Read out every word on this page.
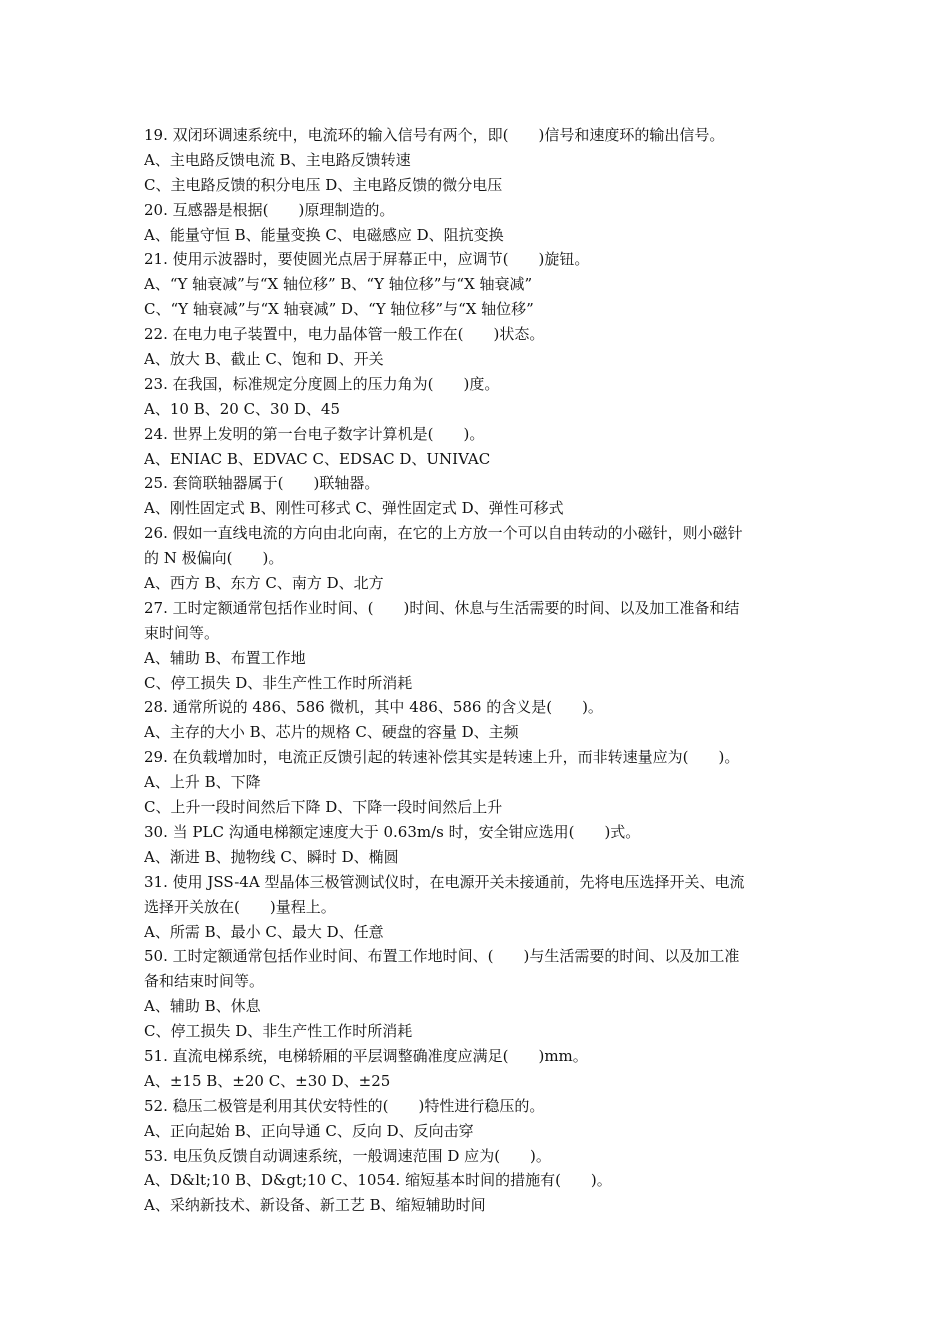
19. 双闭环调速系统中，电流环的输入信号有两个，即(　　)信号和速度环的输出信号。
A、主电路反馈电流 B、主电路反馈转速
C、主电路反馈的积分电压 D、主电路反馈的微分电压
20. 互感器是根据(　　)原理制造的。
A、能量守恒 B、能量变换 C、电磁感应 D、阻抗变换
21. 使用示波器时，要使圆光点居于屏幕正中，应调节(　　)旋钮。
A、“Y 轴衰减”与“X 轴位移” B、“Y 轴位移”与“X 轴衰减”
C、“Y 轴衰减”与“X 轴衰减” D、“Y 轴位移”与“X 轴位移”
22. 在电力电子装置中，电力晶体管一般工作在(　　)状态。
A、放大 B、截止 C、饱和 D、开关
23. 在我国，标准规定分度圆上的压力角为(　　)度。
A、10 B、20 C、30 D、45
24. 世界上发明的第一台电子数字计算机是(　　)。
A、ENIAC B、EDVAC C、EDSAC D、UNIVAC
25. 套筒联轴器属于(　　)联轴器。
A、刚性固定式 B、刚性可移式 C、弹性固定式 D、弹性可移式
26. 假如一直线电流的方向由北向南，在它的上方放一个可以自由转动的小磁针，则小磁针
的 N 极偏向(　　)。
A、西方 B、东方 C、南方 D、北方
27. 工时定额通常包括作业时间、(　　)时间、休息与生活需要的时间、以及加工准备和结
束时间等。
A、辅助 B、布置工作地
C、停工损失 D、非生产性工作时所消耗
28. 通常所说的 486、586 微机，其中 486、586 的含义是(　　)。
A、主存的大小 B、芯片的规格 C、硬盘的容量 D、主频
29. 在负载增加时，电流正反馈引起的转速补偿其实是转速上升，而非转速量应为(　　)。
A、上升 B、下降
C、上升一段时间然后下降 D、下降一段时间然后上升
30. 当 PLC 沟通电梯额定速度大于 0.63m/s 时，安全钳应选用(　　)式。
A、渐进 B、抛物线 C、瞬时 D、椭圆
31. 使用 JSS-4A 型晶体三极管测试仪时，在电源开关未接通前，先将电压选择开关、电流
选择开关放在(　　)量程上。
A、所需 B、最小 C、最大 D、任意
50. 工时定额通常包括作业时间、布置工作地时间、(　　)与生活需要的时间、以及加工准
备和结束时间等。
A、辅助 B、休息
C、停工损失 D、非生产性工作时所消耗
51. 直流电梯系统，电梯轿厢的平层调整确准度应满足(　　)mm。
A、±15 B、±20 C、±30 D、±25
52. 稳压二极管是利用其伏安特性的(　　)特性进行稳压的。
A、正向起始 B、正向导通 C、反向 D、反向击穿
53. 电压负反馈自动调速系统，一般调速范围 D 应为(　　)。
A、D&lt;10 B、D&gt;10 C、1054. 缩短基本时间的措施有(　　)。
A、采纳新技术、新设备、新工艺 B、缩短辅助时间
